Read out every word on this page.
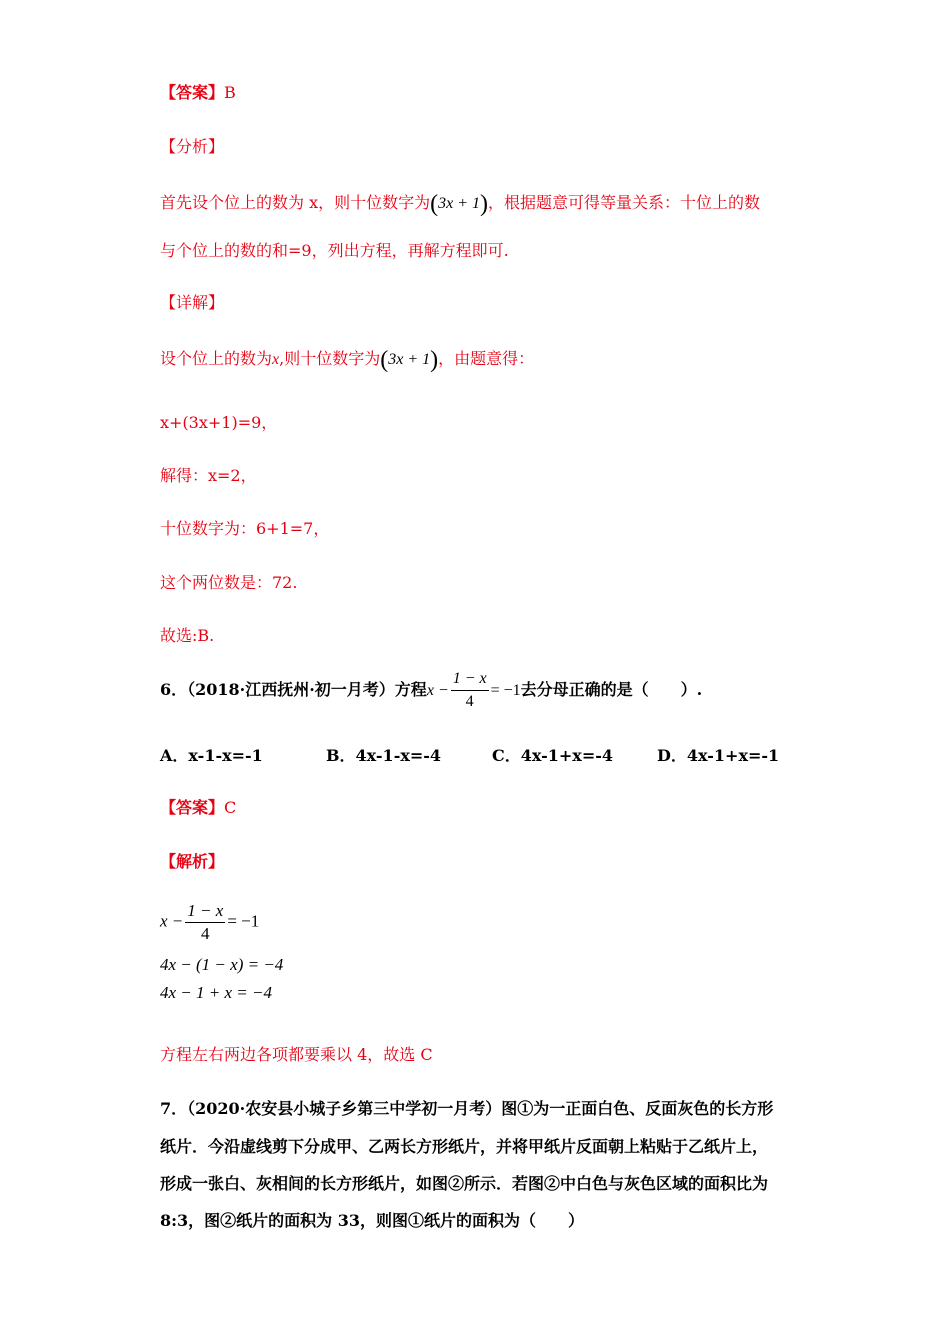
【答案】B
【分析】
首先设个位上的数为 x，则十位数字为(3x + 1)，根据题意可得等量关系：十位上的数
与个位上的数的和=9，列出方程，再解方程即可.
【详解】
设个位上的数为x,则十位数字为(3x + 1)，由题意得：
x+(3x+1)=9，
解得：x=2，
十位数字为：6+1=7，
这个两位数是：72.
故选:B.
6．（2018·江西抚州·初一月考）方程$x - \frac{1 - x}{4} = -1$去分母正确的是（　　）.
A．x-1-x=-1	B．4x-1-x=-4	C．4x-1+x=-4	D．4x-1+x=-1
【答案】C
【解析】
$x - \frac{1 - x}{4} = -1$
4x − (1 − x) = −4
4x − 1 + x = −4
方程左右两边各项都要乘以 4，故选 C
7．（2020·农安县小城子乡第三中学初一月考）图①为一正面白色、反面灰色的长方形
纸片．今沿虚线剪下分成甲、乙两长方形纸片，并将甲纸片反面朝上粘贴于乙纸片上，
形成一张白、灰相间的长方形纸片，如图②所示．若图②中白色与灰色区域的面积比为
8:3，图②纸片的面积为 33，则图①纸片的面积为（　　）
